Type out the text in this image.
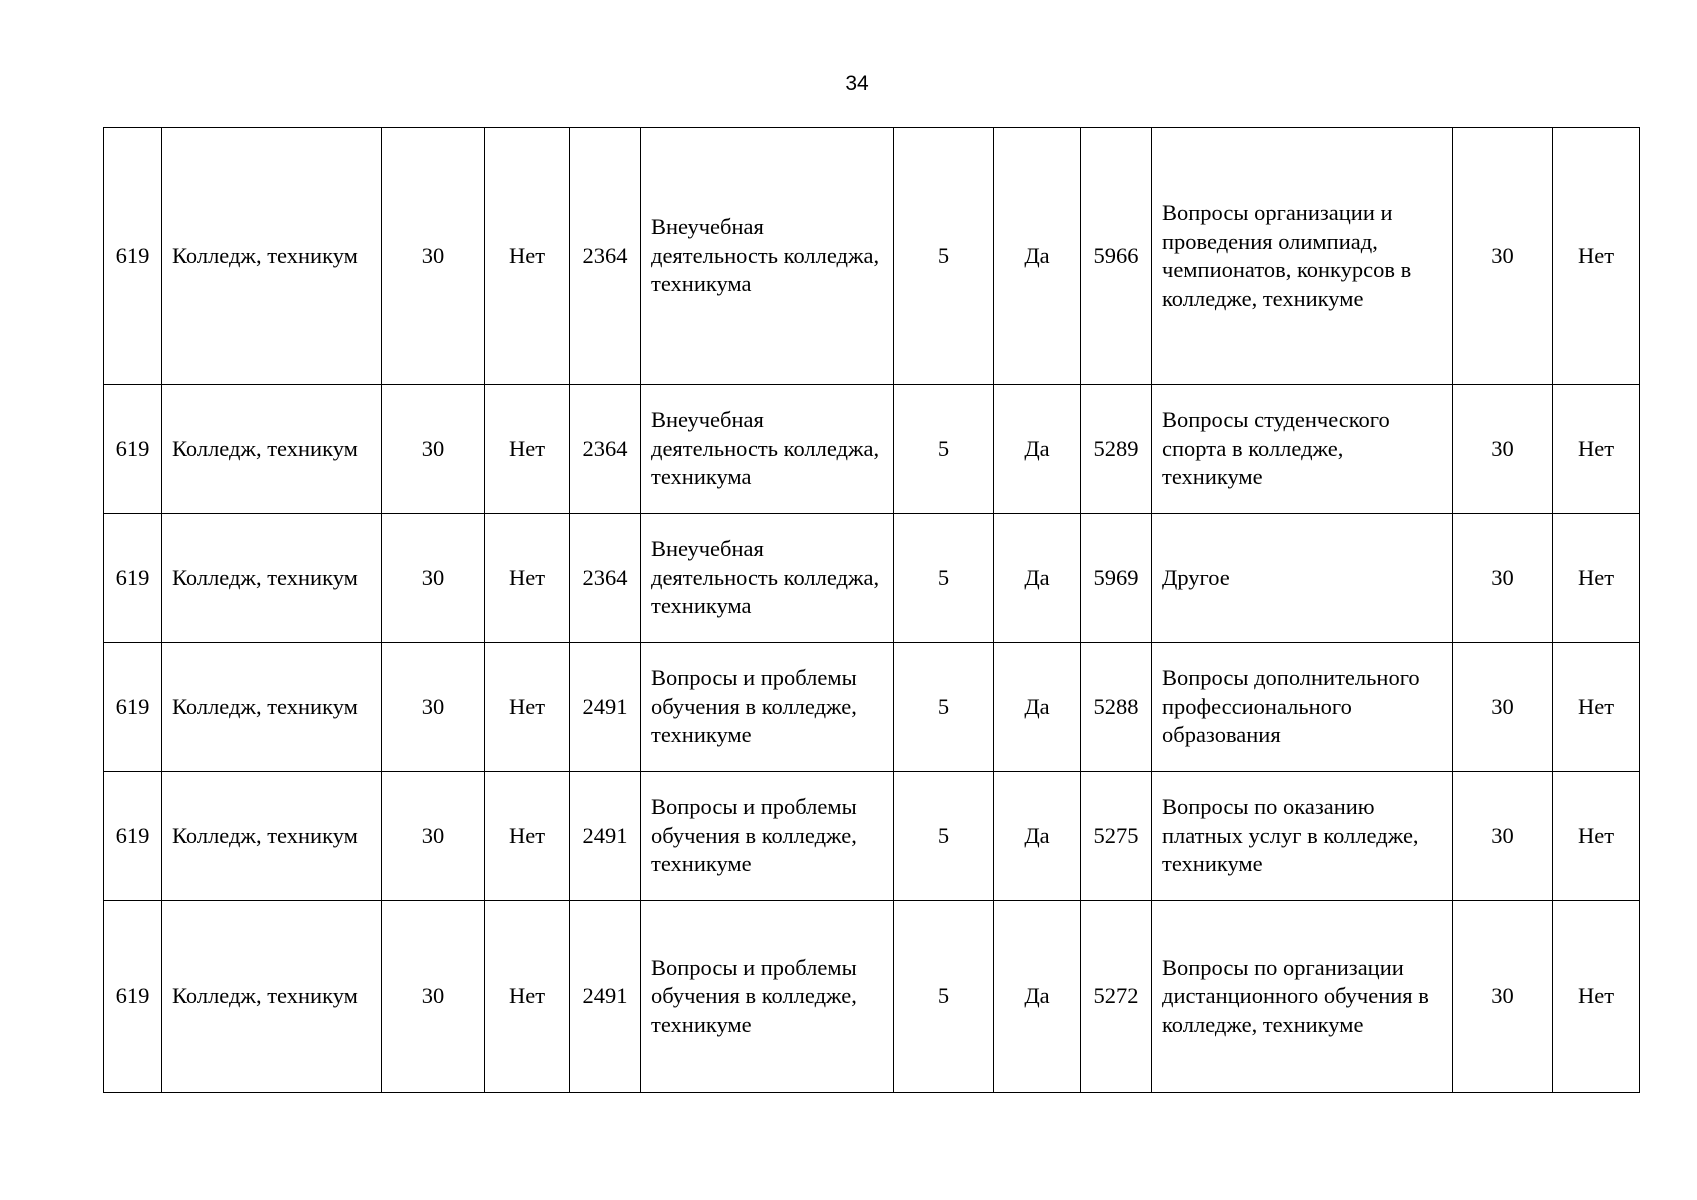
34
619	Колледж, техникум	30	Нет	2364	Внеучебная деятельность колледжа, техникума	5	Да	5966	Вопросы организации и проведения олимпиад, чемпионатов, конкурсов в колледже, техникуме	30	Нет
619	Колледж, техникум	30	Нет	2364	Внеучебная деятельность колледжа, техникума	5	Да	5289	Вопросы студенческого спорта в колледже, техникуме	30	Нет
619	Колледж, техникум	30	Нет	2364	Внеучебная деятельность колледжа, техникума	5	Да	5969	Другое	30	Нет
619	Колледж, техникум	30	Нет	2491	Вопросы и проблемы обучения в колледже, техникуме	5	Да	5288	Вопросы дополнительного профессионального образования	30	Нет
619	Колледж, техникум	30	Нет	2491	Вопросы и проблемы обучения в колледже, техникуме	5	Да	5275	Вопросы по оказанию платных услуг в колледже, техникуме	30	Нет
619	Колледж, техникум	30	Нет	2491	Вопросы и проблемы обучения в колледже, техникуме	5	Да	5272	Вопросы по организации дистанционного обучения в колледже, техникуме	30	Нет
